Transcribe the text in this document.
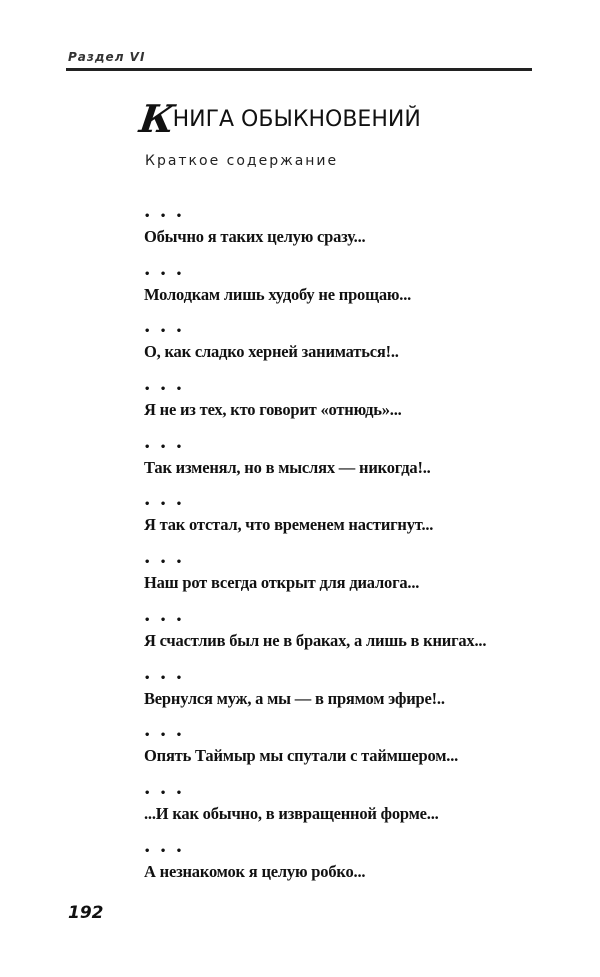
Раздел VI
КНИГА ОБЫКНОВЕНИЙ
Краткое содержание
• • •
Обычно я таких целую сразу...
• • •
Молодкам лишь худобу не прощаю...
• • •
О, как сладко херней заниматься!..
• • •
Я не из тех, кто говорит «отнюдь»...
• • •
Так изменял, но в мыслях — никогда!..
• • •
Я так отстал, что временем настигнут...
• • •
Наш рот всегда открыт для диалога...
• • •
Я счастлив был не в браках, а лишь в книгах...
• • •
Вернулся муж, а мы — в прямом эфире!..
• • •
Опять Таймыр мы спутали с таймшером...
• • •
...И как обычно, в извращенной форме...
• • •
А незнакомок я целую робко...
192
